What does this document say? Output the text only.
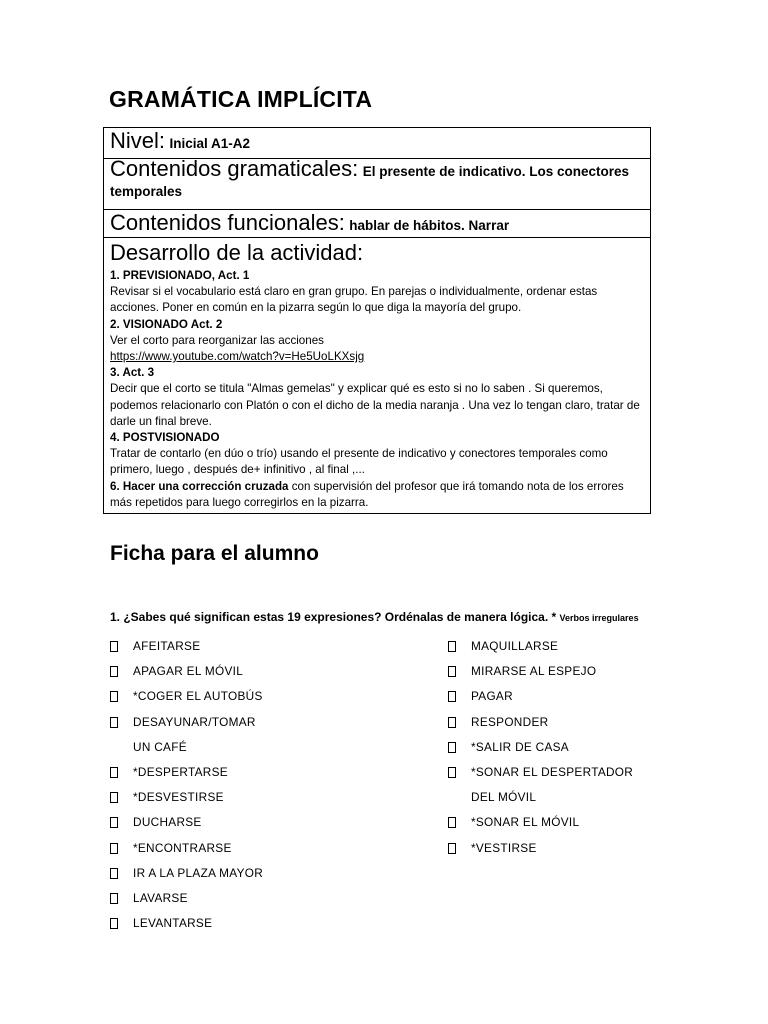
GRAMÁTICA IMPLÍCITA
Nivel: Inicial A1-A2
Contenidos gramaticales: El presente de indicativo. Los conectores temporales
Contenidos funcionales: hablar de hábitos. Narrar

Desarrollo de la actividad:
1. PREVISIONADO, Act. 1
Revisar si el vocabulario está claro en gran grupo. En parejas o individualmente, ordenar estas acciones. Poner en común en la pizarra según lo que diga la mayoría del grupo.
2. VISIONADO Act. 2
Ver el corto para reorganizar las acciones
https://www.youtube.com/watch?v=He5UoLKXsjg
3. Act. 3
Decir que el corto se titula "Almas gemelas" y explicar qué es esto si no lo saben . Si queremos, podemos relacionarlo con Platón o con el dicho de la media naranja . Una vez lo tengan claro, tratar de darle un final breve.
4. POSTVISIONADO
Tratar de contarlo (en dúo o trío) usando el presente de indicativo y conectores temporales como primero, luego , después de+ infinitivo , al final ,...
6. Hacer una corrección cruzada con supervisión del profesor que irá tomando nota de los errores más repetidos para luego corregirlos en la pizarra.
Ficha para el alumno
1. ¿Sabes qué significan estas 19 expresiones? Ordénalas de manera lógica. * Verbos irregulares
AFEITARSE
APAGAR EL MÓVIL
*COGER EL AUTOBÚS
DESAYUNAR/TOMAR
UN CAFÉ
*DESPERTARSE
*DESVESTIRSE
DUCHARSE
*ENCONTRARSE
IR A LA PLAZA MAYOR
LAVARSE
LEVANTARSE
MAQUILLARSE
MIRARSE AL ESPEJO
PAGAR
RESPONDER
*SALIR DE CASA
*SONAR EL DESPERTADOR
DEL MÓVIL
*SONAR EL MÓVIL
*VESTIRSE
